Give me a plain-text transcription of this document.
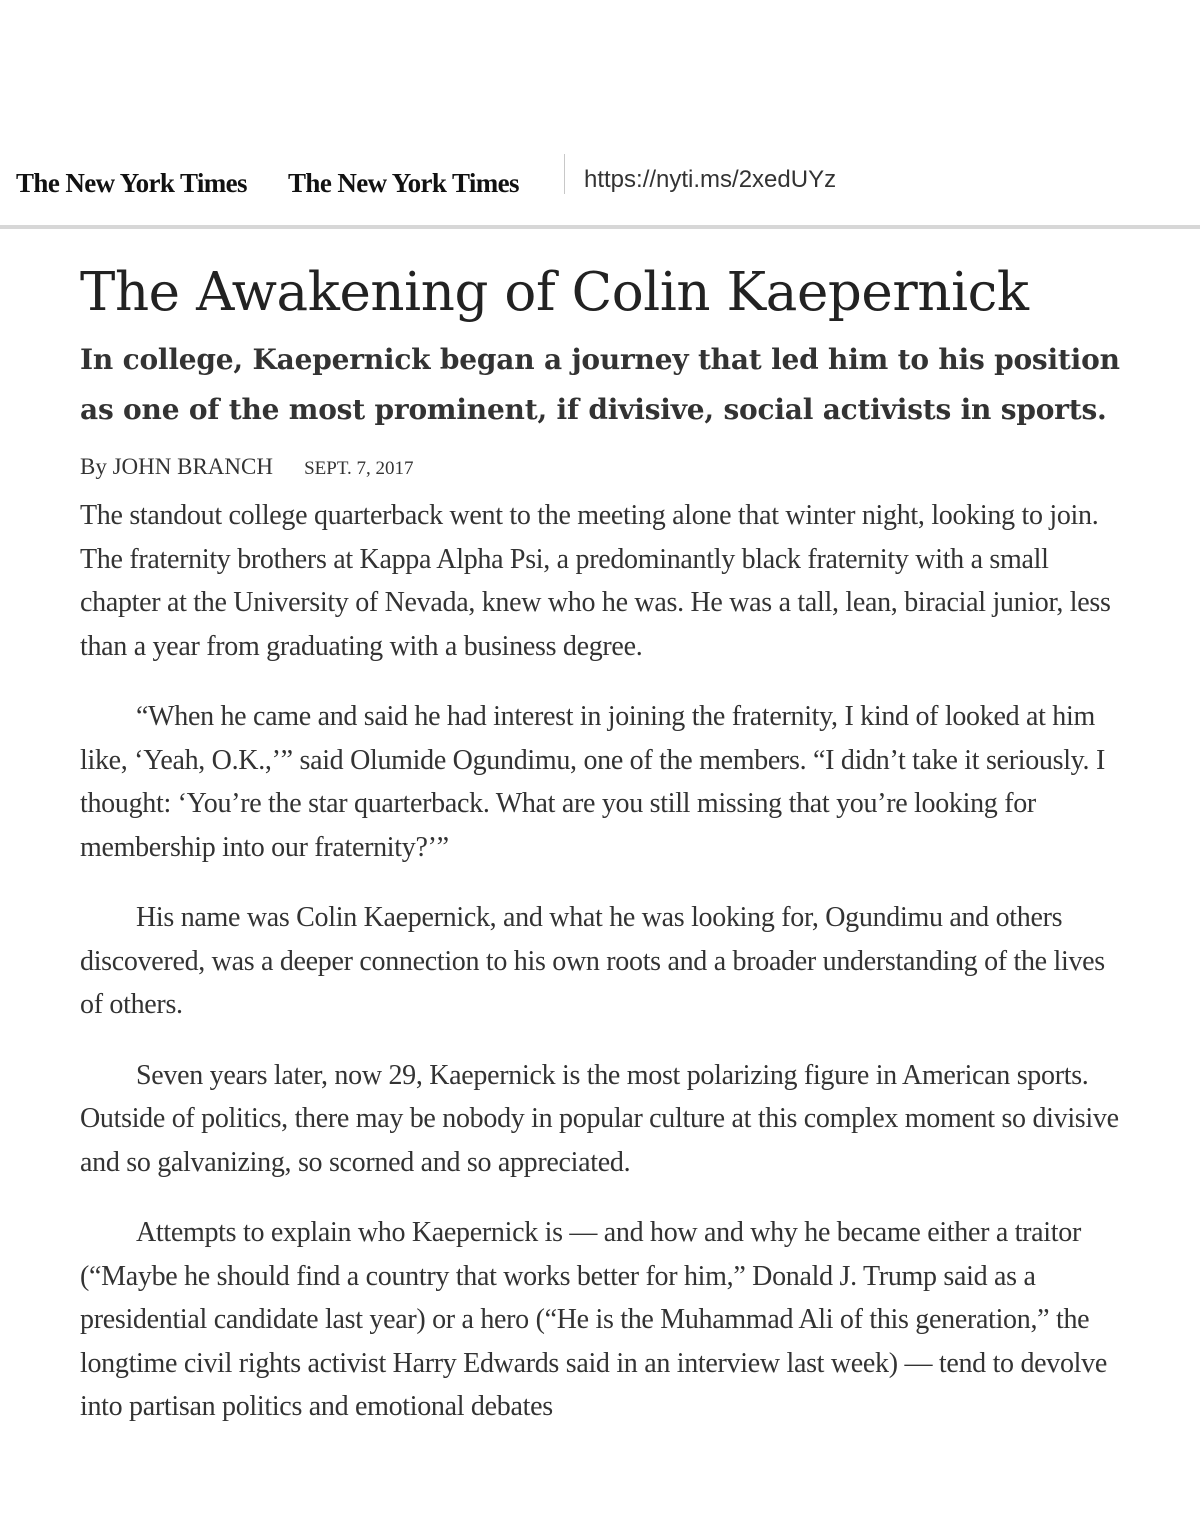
The New York Times The New York Times	https://nyti.ms/2xedUYz
The Awakening of Colin Kaepernick

In college, Kaepernick began a journey that led him to his position as one of the most prominent, if divisive, social activists in sports.

By JOHN BRANCH SEPT. 7, 2017

The standout college quarterback went to the meeting alone that winter night, looking to join. The fraternity brothers at Kappa Alpha Psi, a predominantly black fraternity with a small chapter at the University of Nevada, knew who he was. He was a tall, lean, biracial junior, less than a year from graduating with a business degree.

“When he came and said he had interest in joining the fraternity, I kind of looked at him like, ‘Yeah, O.K.,’” said Olumide Ogundimu, one of the members. “I didn’t take it seriously. I thought: ‘You’re the star quarterback. What are you still missing that you’re looking for membership into our fraternity?’”

His name was Colin Kaepernick, and what he was looking for, Ogundimu and others discovered, was a deeper connection to his own roots and a broader understanding of the lives of others.

Seven years later, now 29, Kaepernick is the most polarizing figure in American sports. Outside of politics, there may be nobody in popular culture at this complex moment so divisive and so galvanizing, so scorned and so appreciated.

Attempts to explain who Kaepernick is — and how and why he became either a traitor (“Maybe he should find a country that works better for him,” Donald J. Trump said as a presidential candidate last year) or a hero (“He is the Muhammad Ali of this generation,” the longtime civil rights activist Harry Edwards said in an interview last week) — tend to devolve into partisan politics and emotional debates
